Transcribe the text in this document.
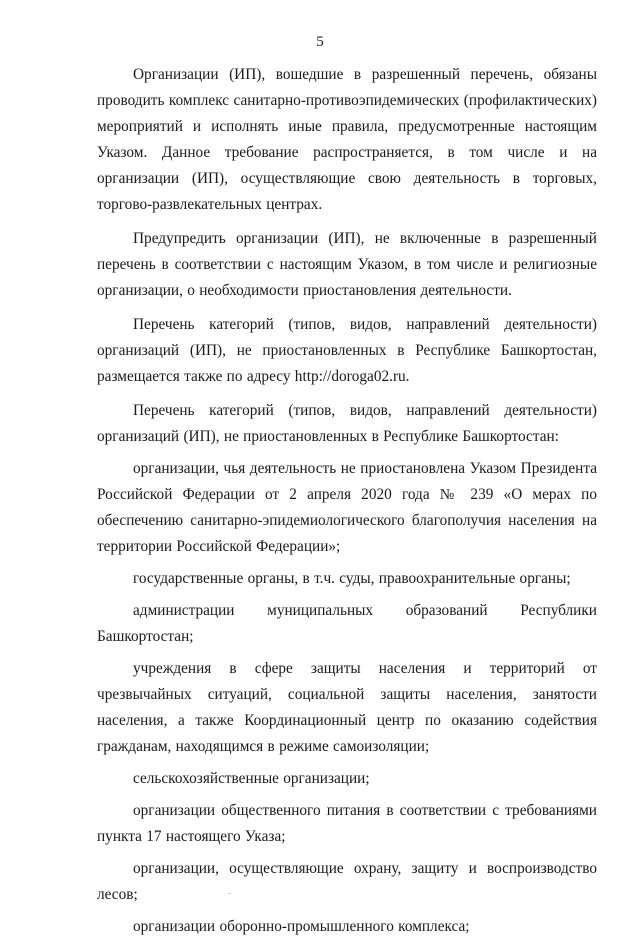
5

Организации (ИП), вошедшие в разрешенный перечень, обязаны проводить комплекс санитарно-противоэпидемических (профилактических) мероприятий и исполнять иные правила, предусмотренные настоящим Указом. Данное требование распространяется, в том числе и на организации (ИП), осуществляющие свою деятельность в торговых, торгово-развлекательных центрах.

Предупредить организации (ИП), не включенные в разрешенный перечень в соответствии с настоящим Указом, в том числе и религиозные организации, о необходимости приостановления деятельности.

Перечень категорий (типов, видов, направлений деятельности) организаций (ИП), не приостановленных в Республике Башкортостан, размещается также по адресу http://doroga02.ru.

Перечень категорий (типов, видов, направлений деятельности) организаций (ИП), не приостановленных в Республике Башкортостан:

организации, чья деятельность не приостановлена Указом Президента Российской Федерации от 2 апреля 2020 года № 239 «О мерах по обеспечению санитарно-эпидемиологического благополучия населения на территории Российской Федерации»;

государственные органы, в т.ч. суды, правоохранительные органы;

администрации муниципальных образований Республики Башкортостан;

учреждения в сфере защиты населения и территорий от чрезвычайных ситуаций, социальной защиты населения, занятости населения, а также Координационный центр по оказанию содействия гражданам, находящимся в режиме самоизоляции;

сельскохозяйственные организации;

организации общественного питания в соответствии с требованиями пункта 17 настоящего Указа;

организации, осуществляющие охрану, защиту и воспроизводство лесов;

организации оборонно-промышленного комплекса;
